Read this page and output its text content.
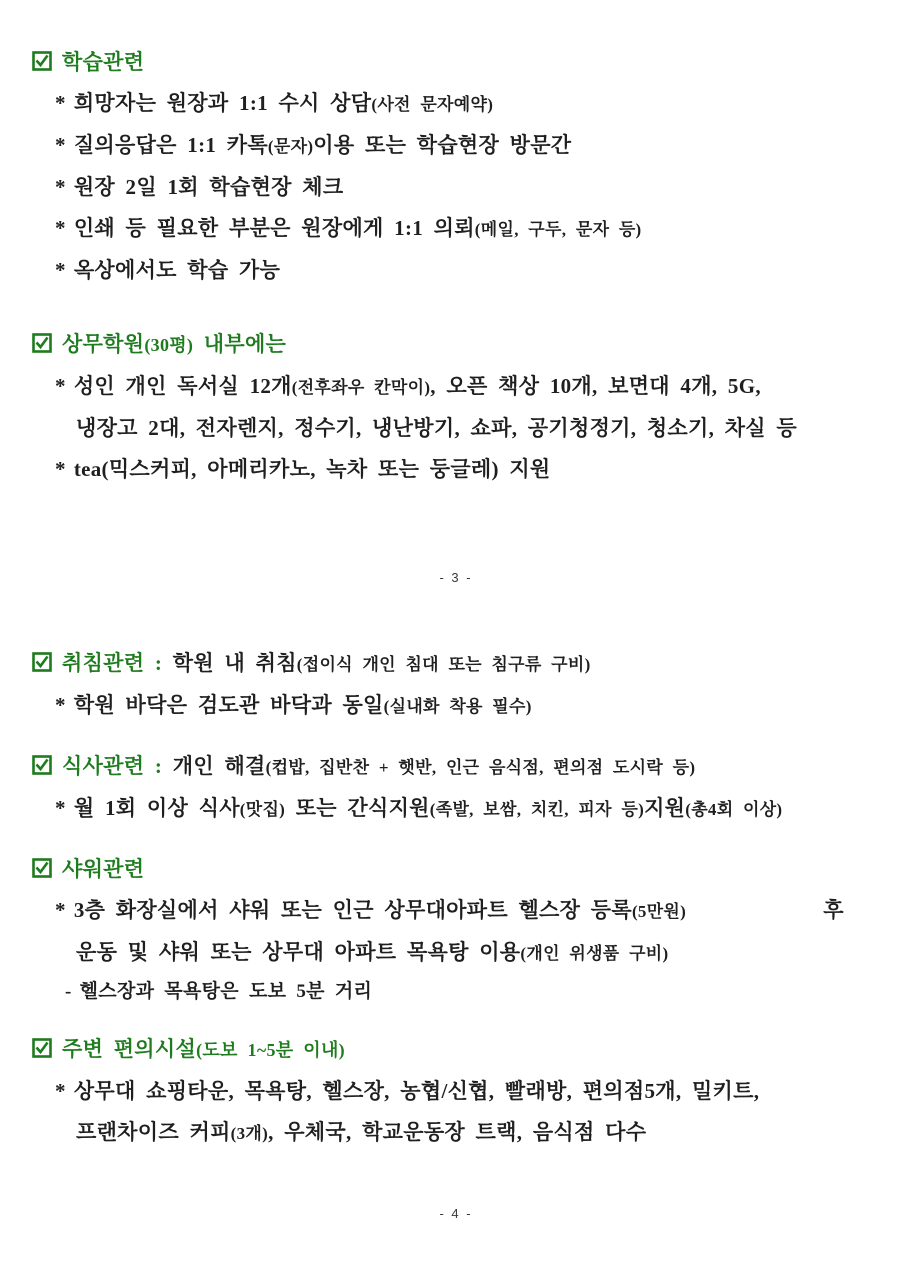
학습관련
* 희망자는 원장과 1:1 수시 상담(사전 문자예약)
* 질의응답은 1:1 카톡(문자)이용 또는 학습현장 방문간
* 원장 2일 1회 학습현장 체크
* 인쇄 등 필요한 부분은 원장에게 1:1 의뢰(메일, 구두, 문자 등)
* 옥상에서도 학습 가능
상무학원(30평) 내부에는
* 성인 개인 독서실 12개(전후좌우 칸막이), 오픈 책상 10개, 보면대 4개, 5G,
냉장고 2대, 전자렌지, 정수기, 냉난방기, 쇼파, 공기청정기, 청소기, 차실 등
* tea(믹스커피, 아메리카노, 녹차 또는 둥글레) 지원
- 3 -
취침관련 : 학원 내 취침(접이식 개인 침대 또는 침구류 구비)
* 학원 바닥은 검도관 바닥과 동일(실내화 착용 필수)
식사관련 : 개인 해결(컵밥, 집반찬 + 햇반, 인근 음식점, 편의점 도시락 등)
* 월 1회 이상 식사(맛집) 또는 간식지원(족발, 보쌈, 치킨, 피자 등)지원(총4회 이상)
샤워관련
* 3층 화장실에서 샤워 또는 인근 상무대아파트 헬스장 등록(5만원)             후
운동 및 샤워 또는 상무대 아파트 목욕탕 이용(개인 위생품 구비)
- 헬스장과 목욕탕은 도보 5분 거리
주변 편의시설(도보 1~5분 이내)
* 상무대 쇼핑타운, 목욕탕, 헬스장, 농협/신협, 빨래방, 편의점5개, 밀키트,
프랜차이즈 커피(3개), 우체국, 학교운동장 트랙, 음식점 다수
- 4 -
